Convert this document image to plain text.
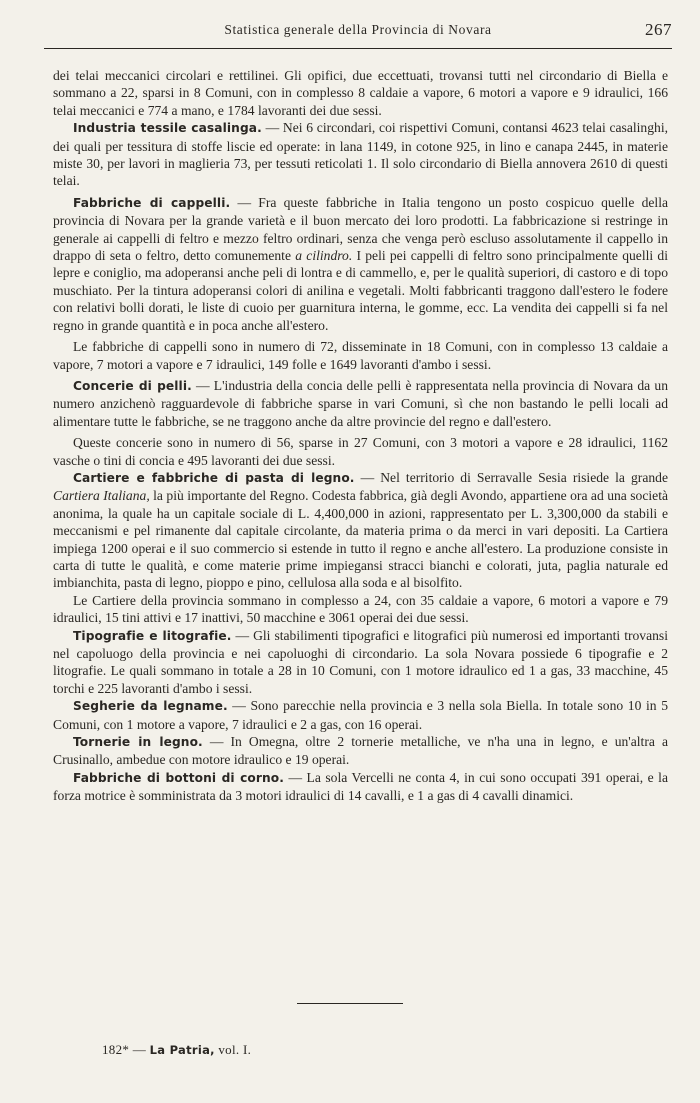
Statistica generale della Provincia di Novara	267

dei telai meccanici circolari e rettilinei. Gli opifici, due eccettuati, trovansi tutti nel circondario di Biella e sommano a 22, sparsi in 8 Comuni, con in complesso 8 caldaie a vapore, 6 motori a vapore e 9 idraulici, 166 telai meccanici e 774 a mano, e 1784 lavoranti dei due sessi.

Industria tessile casalinga. — Nei 6 circondari, coi rispettivi Comuni, contansi 4623 telai casalinghi, dei quali per tessitura di stoffe liscie ed operate: in lana 1149, in cotone 925, in lino e canapa 2445, in materie miste 30, per lavori in maglieria 73, per tessuti reticolati 1. Il solo circondario di Biella annovera 2610 di questi telai.

Fabbriche di cappelli. — Fra queste fabbriche in Italia tengono un posto cospicuo quelle della provincia di Novara per la grande varietà e il buon mercato dei loro prodotti. La fabbricazione si restringe in generale ai cappelli di feltro e mezzo feltro ordinari, senza che venga però escluso assolutamente il cappello in drappo di seta o feltro, detto comunemente a cilindro. I peli pei cappelli di feltro sono principalmente quelli di lepre e coniglio, ma adoperansi anche peli di lontra e di cammello, e, per le qualità superiori, di castoro e di topo muschiato. Per la tintura adoperansi colori di anilina e vegetali. Molti fabbricanti traggono dall'estero le fodere con relativi bolli dorati, le liste di cuoio per guarnitura interna, le gomme, ecc. La vendita dei cappelli si fa nel regno in grande quantità e in poca anche all'estero.

Le fabbriche di cappelli sono in numero di 72, disseminate in 18 Comuni, con in complesso 13 caldaie a vapore, 7 motori a vapore e 7 idraulici, 149 folle e 1649 lavoranti d'ambo i sessi.

Concerie di pelli. — L'industria della concia delle pelli è rappresentata nella provincia di Novara da un numero anzichenò ragguardevole di fabbriche sparse in vari Comuni, sì che non bastando le pelli locali ad alimentare tutte le fabbriche, se ne traggono anche da altre provincie del regno e dall'estero.

Queste concerie sono in numero di 56, sparse in 27 Comuni, con 3 motori a vapore e 28 idraulici, 1162 vasche o tini di concia e 495 lavoranti dei due sessi.

Cartiere e fabbriche di pasta di legno. — Nel territorio di Serravalle Sesia risiede la grande Cartiera Italiana, la più importante del Regno. Codesta fabbrica, già degli Avondo, appartiene ora ad una società anonima, la quale ha un capitale sociale di L. 4,400,000 in azioni, rappresentato per L. 3,300,000 da stabili e meccanismi e pel rimanente dal capitale circolante, da materia prima o da merci in vari depositi. La Cartiera impiega 1200 operai e il suo commercio si estende in tutto il regno e anche all'estero. La produzione consiste in carta di tutte le qualità, e come materie prime impiegansi stracci bianchi e colorati, juta, paglia naturale ed imbianchita, pasta di legno, pioppo e pino, cellulosa alla soda e al bisolfito.

Le Cartiere della provincia sommano in complesso a 24, con 35 caldaie a vapore, 6 motori a vapore e 79 idraulici, 15 tini attivi e 17 inattivi, 50 macchine e 3061 operai dei due sessi.

Tipografie e litografie. — Gli stabilimenti tipografici e litografici più numerosi ed importanti trovansi nel capoluogo della provincia e nei capoluoghi di circondario. La sola Novara possiede 6 tipografie e 2 litografie. Le quali sommano in totale a 28 in 10 Comuni, con 1 motore idraulico ed 1 a gas, 33 macchine, 45 torchi e 225 lavoranti d'ambo i sessi.

Segherie da legname. — Sono parecchie nella provincia e 3 nella sola Biella. In totale sono 10 in 5 Comuni, con 1 motore a vapore, 7 idraulici e 2 a gas, con 16 operai.

Tornerie in legno. — In Omegna, oltre 2 tornerie metalliche, ve n'ha una in legno, e un'altra a Crusinallo, ambedue con motore idraulico e 19 operai.

Fabbriche di bottoni di corno. — La sola Vercelli ne conta 4, in cui sono occupati 391 operai, e la forza motrice è somministrata da 3 motori idraulici di 14 cavalli, e 1 a gas di 4 cavalli dinamici.

182* — La Patria, vol. I.
